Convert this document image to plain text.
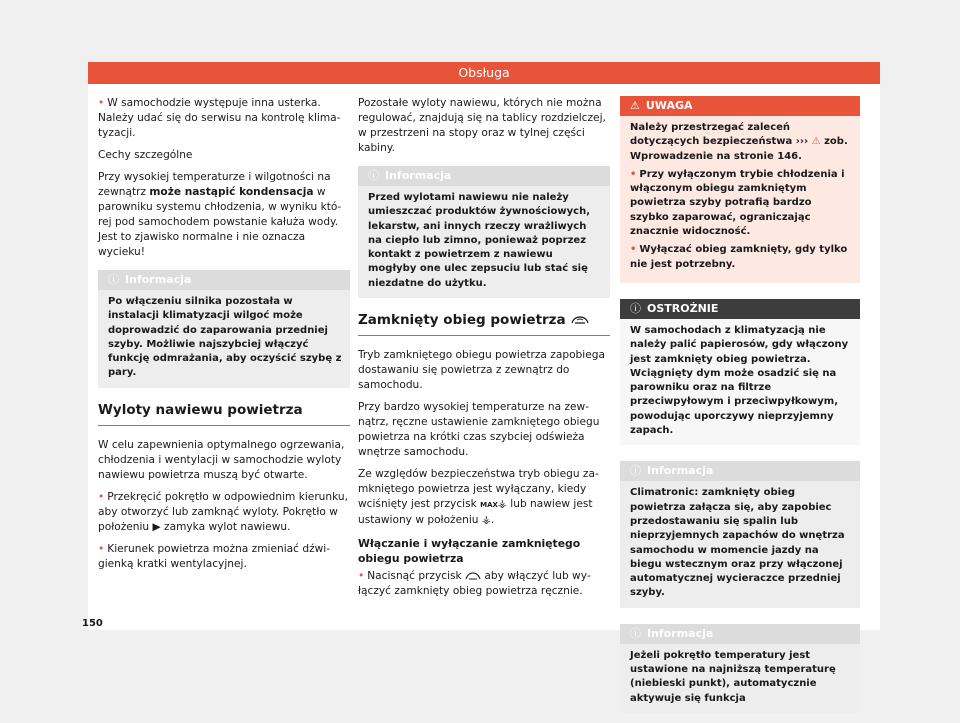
Obsługa

• W samochodzie występuje inna usterka. Należy udać się do serwisu na kontrolę klimatyzacji.

Cechy szczególne

Przy wysokiej temperaturze i wilgotności na zewnątrz może nastąpić kondensacja w parowniku systemu chłodzenia, w wyniku której pod samochodem powstanie kałuża wody. Jest to zjawisko normalne i nie oznacza wycieku!

ⓘ Informacja
Po włączeniu silnika pozostała w instalacji klimatyzacji wilgoć może doprowadzić do zaparowania przedniej szyby. Możliwie najszybciej włączyć funkcję odmrażania, aby oczyścić szybę z pary.
Wyloty nawiewu powietrza

W celu zapewnienia optymalnego ogrzewania, chłodzenia i wentylacji w samochodzie wyloty nawiewu powietrza muszą być otwarte.

• Przekręcić pokrętło w odpowiednim kierunku, aby otworzyć lub zamknąć wyloty. Pokrętło w położeniu ▶ zamyka wylot nawiewu.

• Kierunek powietrza można zmieniać dźwigienką kratki wentylacyjnej.

Pozostałe wyloty nawiewu, których nie można regulować, znajdują się na tablicy rozdzielczej, w przestrzeni na stopy oraz w tylnej części kabiny.

ⓘ Informacja
Przed wylotami nawiewu nie należy umieszczać produktów żywnościowych, lekarstw, ani innych rzeczy wrażliwych na ciepło lub zimno, ponieważ poprzez kontakt z powietrzem z nawiewu mogłyby one ulec zepsuciu lub stać się niezdatne do użytku.
Zamknięty obieg powietrza

Tryb zamkniętego obiegu powietrza zapobiega dostawaniu się powietrza z zewnątrz do samochodu.

Przy bardzo wysokiej temperaturze na zewnątrz, ręczne ustawienie zamkniętego obiegu powietrza na krótki czas szybciej odświeża wnętrze samochodu.

Ze względów bezpieczeństwa tryb obiegu zamkniętego powietrza jest wyłączany, kiedy wciśnięty jest przycisk MAX⚶ lub nawiew jest ustawiony w położeniu ⚶.

Włączanie i wyłączanie zamkniętego obiegu powietrza

• Nacisnąć przycisk  aby włączyć lub wyłączyć zamknięty obieg powietrza ręcznie.

⚠ UWAGA

Należy przestrzegać zaleceń dotyczących bezpieczeństwa ››› ⚠ zob. Wprowadzenie na stronie 146.

• Przy wyłączonym trybie chłodzenia i włączonym obiegu zamkniętym powietrza szyby potrafią bardzo szybko zaparować, ograniczając znacznie widoczność.

• Wyłączać obieg zamknięty, gdy tylko nie jest potrzebny.

ⓘ OSTROŻNIE
W samochodach z klimatyzacją nie należy palić papierosów, gdy włączony jest zamknięty obieg powietrza. Wciągnięty dym może osadzić się na parowniku oraz na filtrze przeciwpyłowym i przeciwpyłkowym, powodując uporczywy nieprzyjemny zapach.
ⓘ Informacja
Climatronic: zamknięty obieg powietrza załącza się, aby zapobiec przedostawaniu się spalin lub nieprzyjemnych zapachów do wnętrza samochodu w momencie jazdy na biegu wstecznym oraz przy włączonej automatycznej wycieraczce przedniej szyby.
ⓘ Informacja
Jeżeli pokrętło temperatury jest ustawione na najniższą temperaturę (niebieski punkt), automatycznie aktywuje się funkcja
150
